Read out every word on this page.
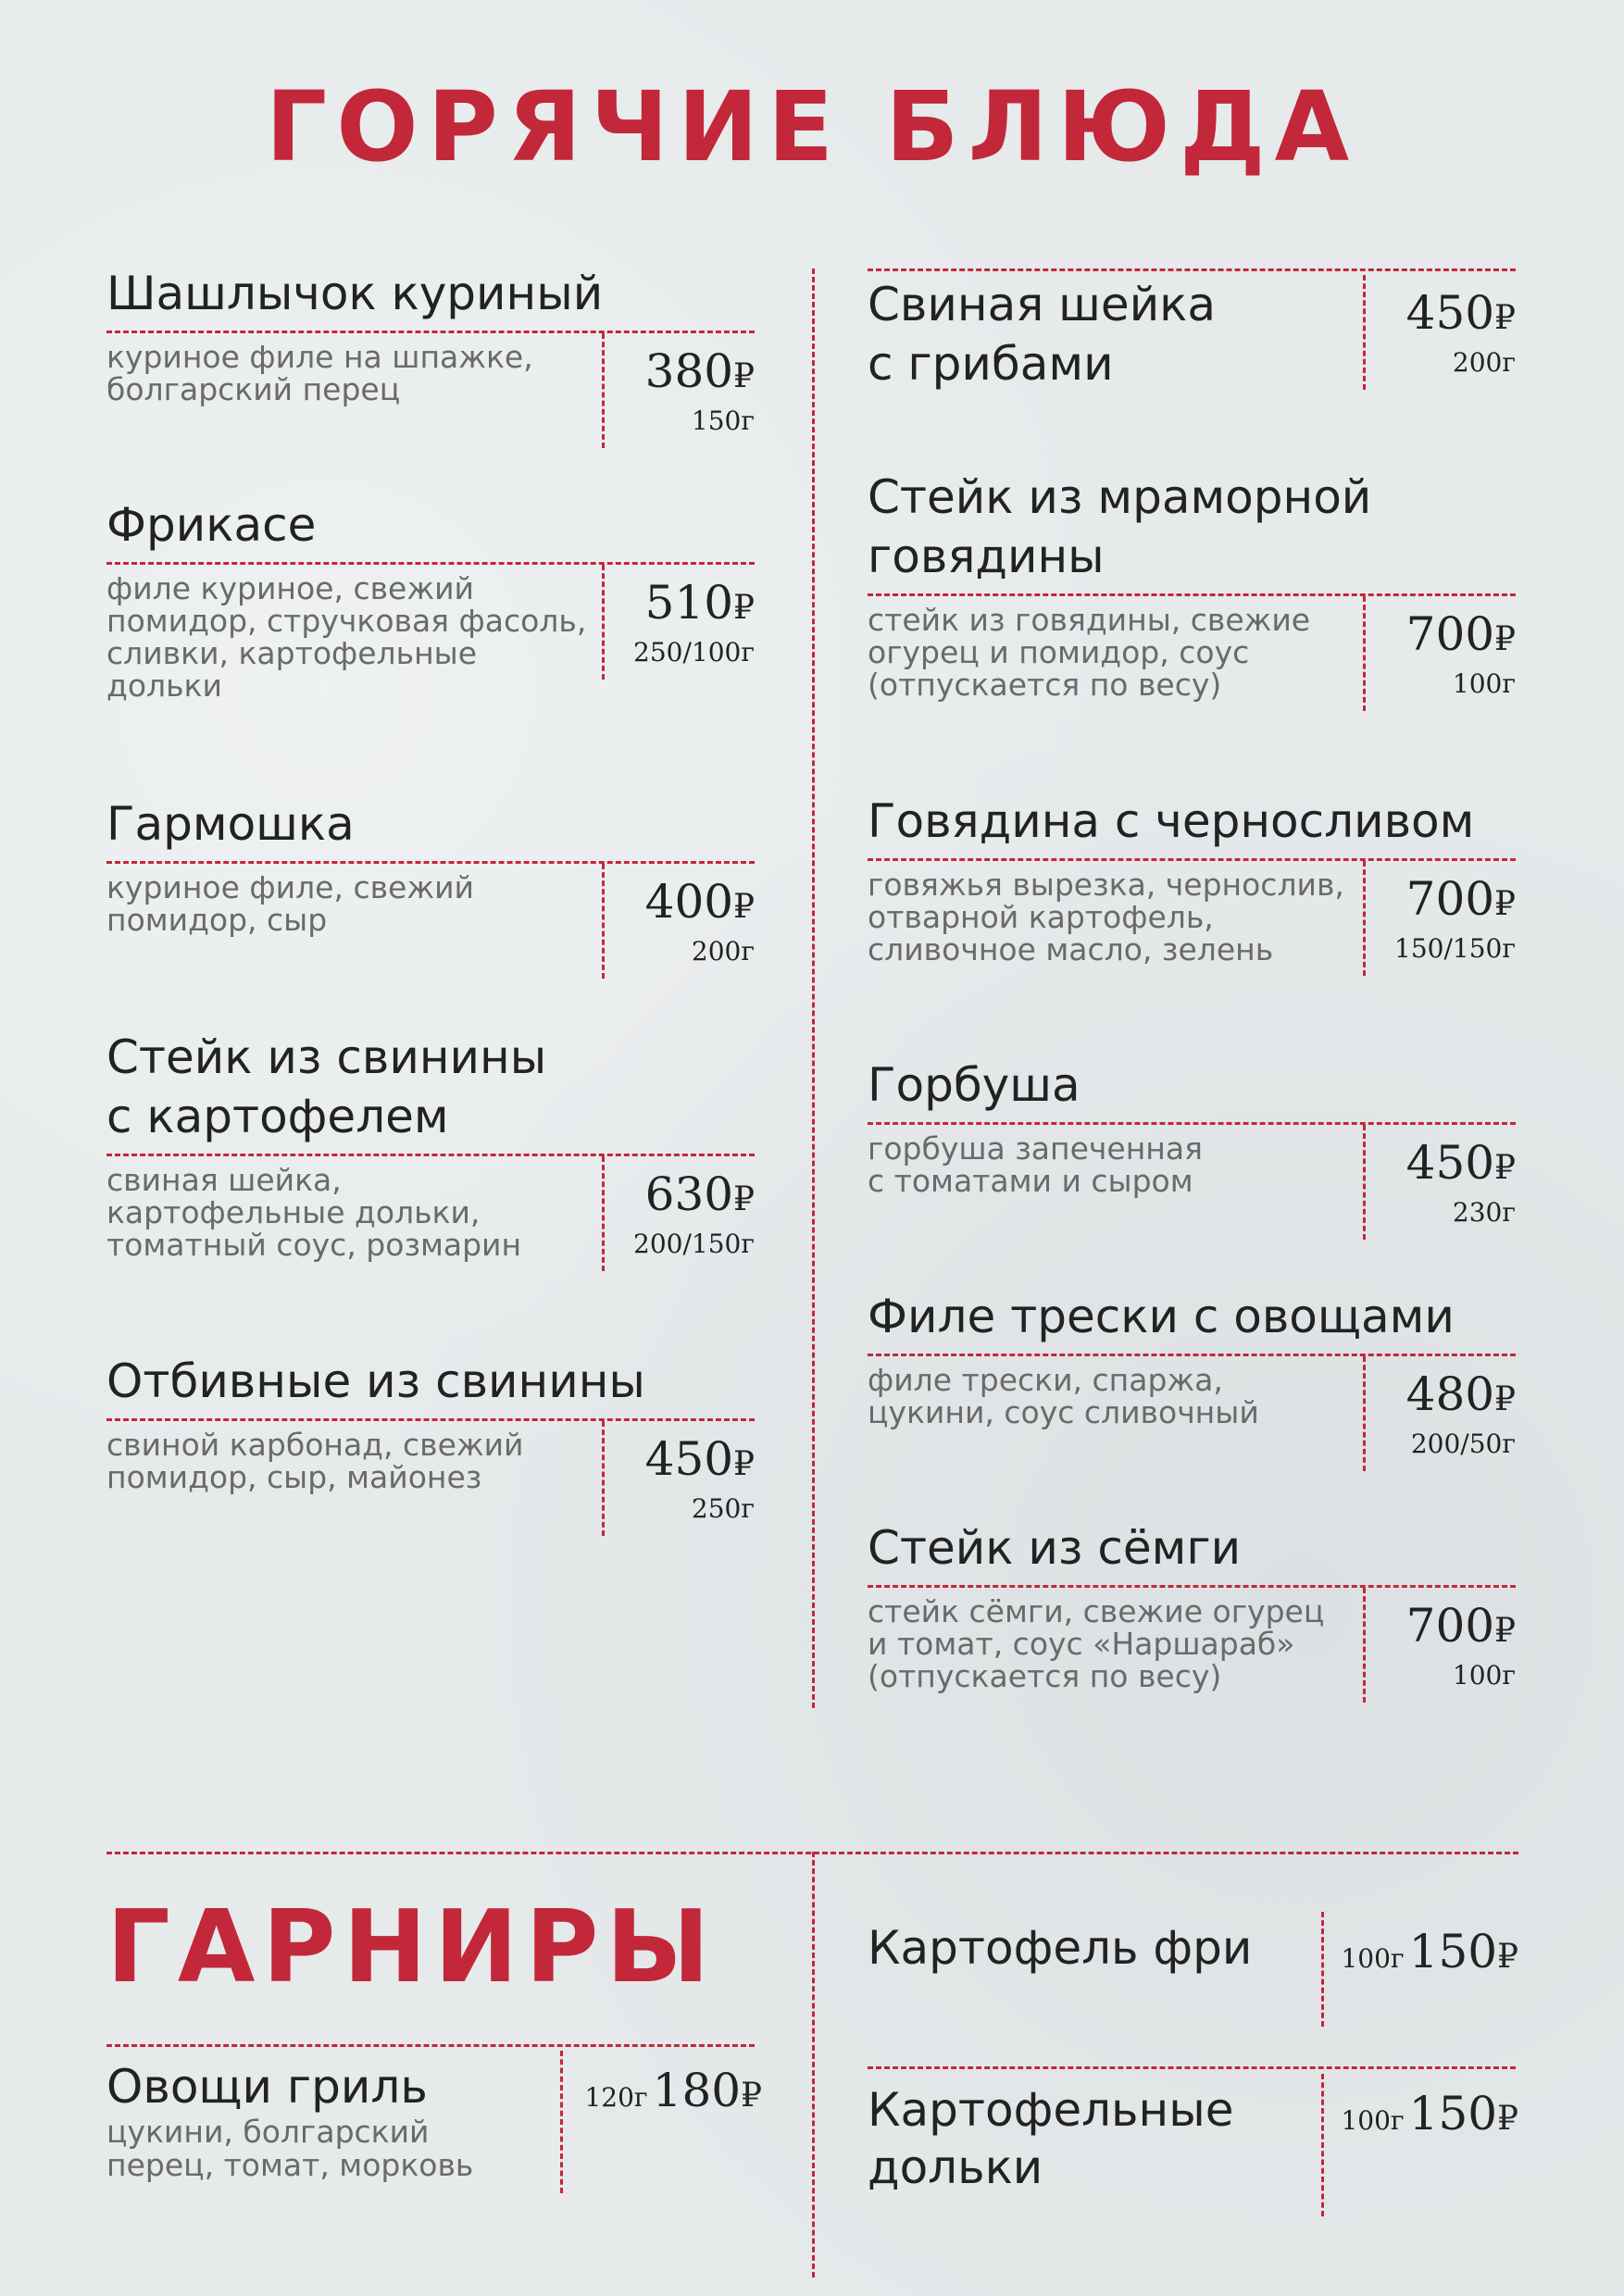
ГОРЯЧИЕ БЛЮДА
Шашлычок куриный
куриное филе на шпажке,
болгарский перец	380₽
150г
Фрикасе
филе куриное, свежий
помидор, стручковая фасоль,
сливки, картофельные
дольки
510₽
250/100г
Гармошка
куриное филе, свежий
помидор, сыр	400₽
200г
Стейк из свинины
с картофелем
свиная шейка,
картофельные дольки,
томатный соус, розмарин
630₽
200/150г
Отбивные из свинины
свиной карбонад, свежий
помидор, сыр, майонез	450₽
250г
Свиная шейка
с грибами
450₽
200г
Стейк из мраморной
говядины
стейк из говядины, свежие
огурец и помидор, соус
(отпускается по весу)
700₽
100г
Говядина с черносливом
говяжья вырезка, чернослив,
отварной картофель,
сливочное масло, зелень
700₽
150/150г
Горбуша
горбуша запеченная
с томатами и сыром	450₽
230г
Филе трески с овощами
филе трески, спаржа,
цукини, соус сливочный	480₽
200/50г
Стейк из сёмги
стейк сёмги, свежие огурец
и томат, соус «Наршараб»
(отпускается по весу)
700₽
100г
ГАРНИРЫ
Овощи гриль
цукини, болгарский
перец, томат, морковь
120г 180₽
Картофель фри	100г 150₽
Картофельные
дольки
100г 150₽
